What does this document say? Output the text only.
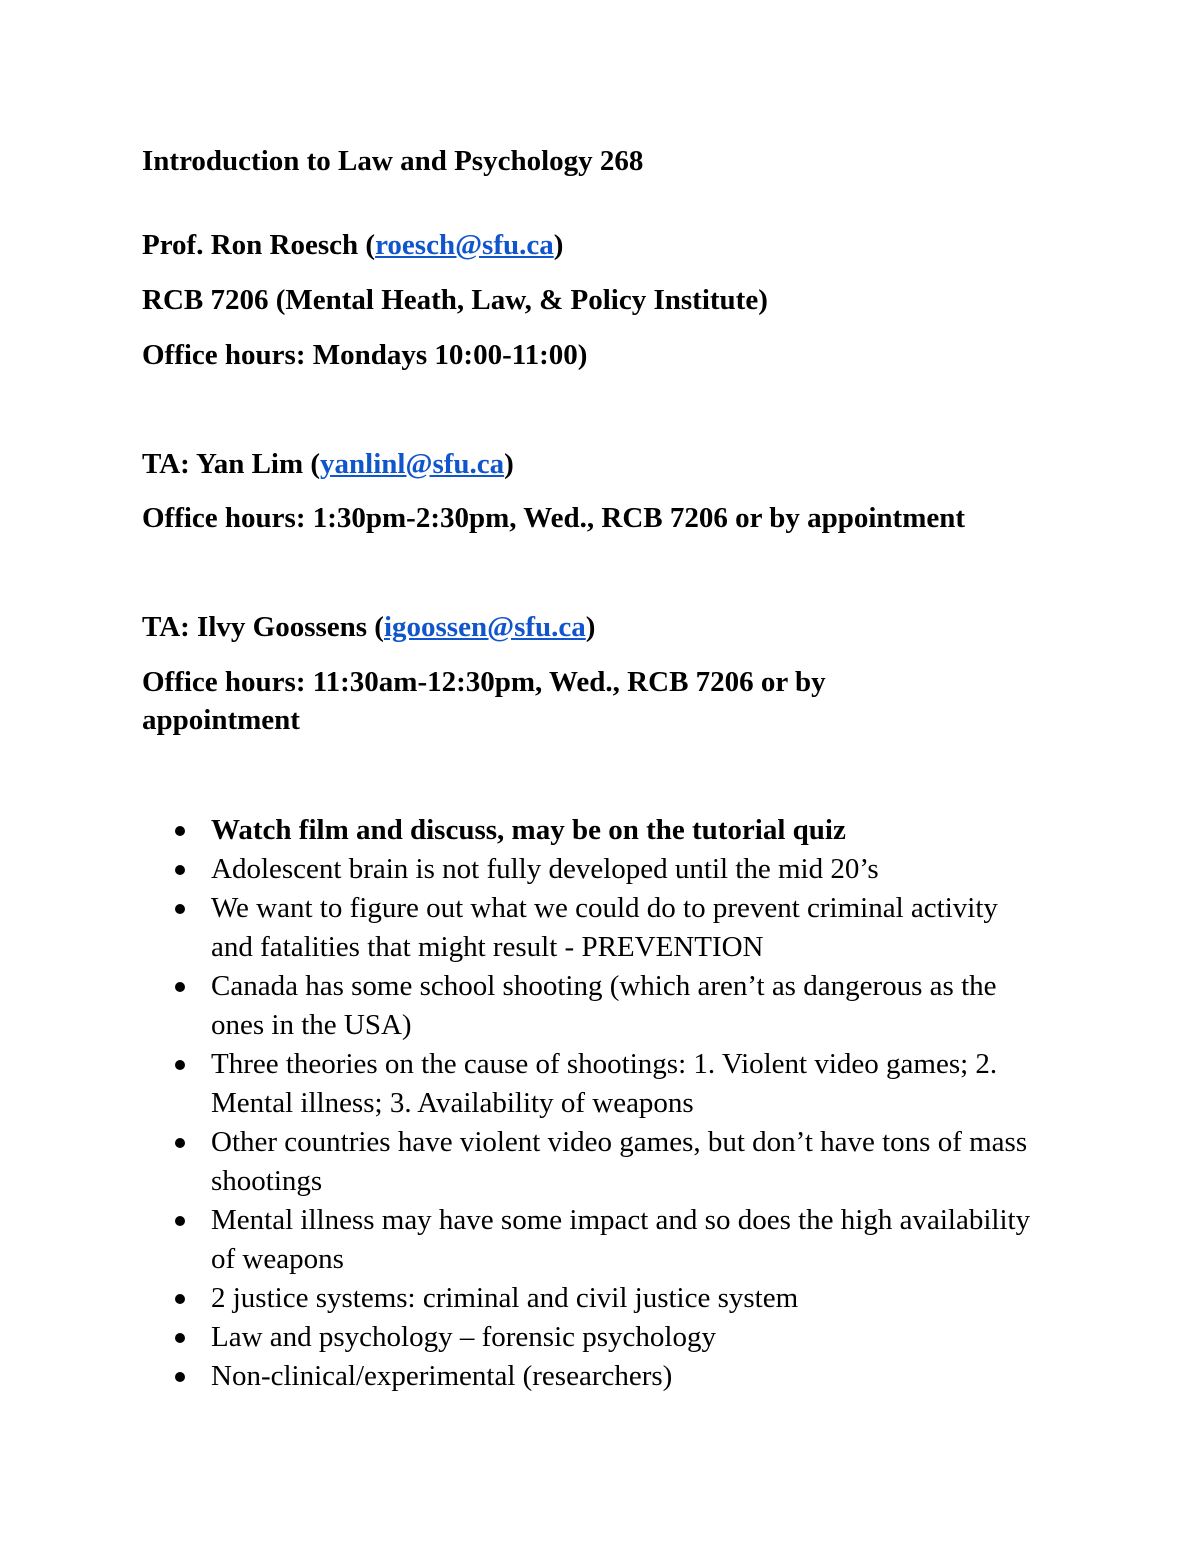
Introduction to Law and Psychology 268
Prof. Ron Roesch (roesch@sfu.ca)
RCB 7206 (Mental Heath, Law, & Policy Institute)
Office hours: Mondays 10:00-11:00)
TA: Yan Lim (yanlinl@sfu.ca)
Office hours: 1:30pm-2:30pm, Wed., RCB 7206 or by appointment
TA: Ilvy Goossens (igoossen@sfu.ca)
Office hours: 11:30am-12:30pm, Wed., RCB 7206 or by appointment
Watch film and discuss, may be on the tutorial quiz
Adolescent brain is not fully developed until the mid 20’s
We want to figure out what we could do to prevent criminal activity and fatalities that might result - PREVENTION
Canada has some school shooting (which aren’t as dangerous as the ones in the USA)
Three theories on the cause of shootings: 1. Violent video games; 2. Mental illness; 3. Availability of weapons
Other countries have violent video games, but don’t have tons of mass shootings
Mental illness may have some impact and so does the high availability of weapons
2 justice systems: criminal and civil justice system
Law and psychology – forensic psychology
Non-clinical/experimental (researchers)
